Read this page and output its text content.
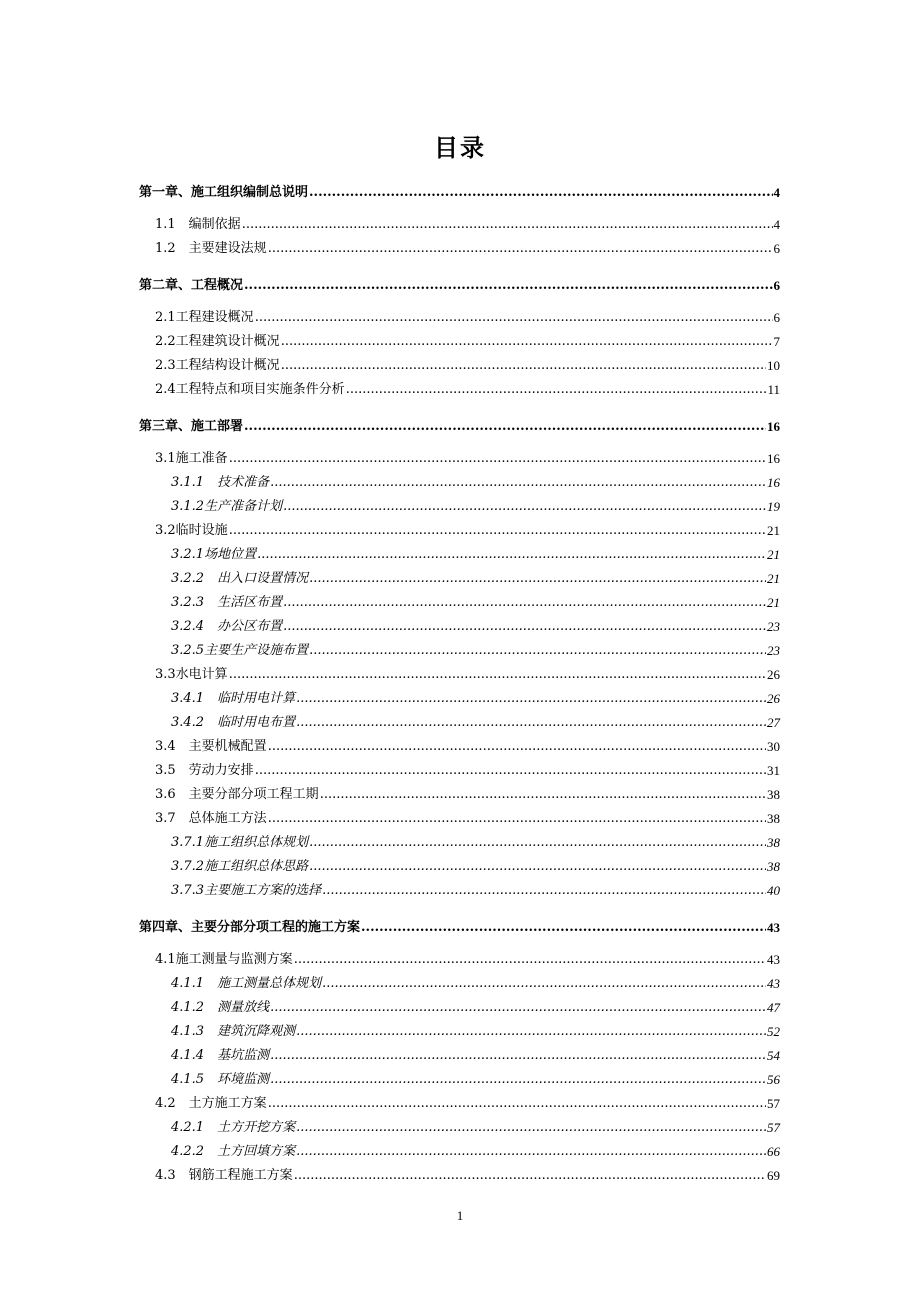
目录
第一章、施工组织编制总说明 .....	4
1.1　编制依据 .....	4
1.2　主要建设法规 .....	6
第二章、工程概况 .....	6
2.1工程建设概况 .....	6
2.2工程建筑设计概况 .....	7
2.3工程结构设计概况 .....	10
2.4工程特点和项目实施条件分析 .....	11
第三章、施工部署 .....	16
3.1施工准备 .....	16
3.1.1　技术准备 .....	16
3.1.2生产准备计划 .....	19
3.2临时设施 .....	21
3.2.1场地位置 .....	21
3.2.2　出入口设置情况 .....	21
3.2.3　生活区布置 .....	21
3.2.4　办公区布置 .....	23
3.2.5主要生产设施布置 .....	23
3.3水电计算 .....	26
3.4.1　临时用电计算 .....	26
3.4.2　临时用电布置 .....	27
3.4　主要机械配置 .....	30
3.5　劳动力安排 .....	31
3.6　主要分部分项工程工期 .....	38
3.7　总体施工方法 .....	38
3.7.1施工组织总体规划 .....	38
3.7.2施工组织总体思路 .....	38
3.7.3主要施工方案的选择 .....	40
第四章、主要分部分项工程的施工方案 .....	43
4.1施工测量与监测方案 .....	43
4.1.1　施工测量总体规划 .....	43
4.1.2　测量放线 .....	47
4.1.3　建筑沉降观测 .....	52
4.1.4　基坑监测 .....	54
4.1.5　环境监测 .....	56
4.2　土方施工方案 .....	57
4.2.1　土方开挖方案 .....	57
4.2.2　土方回填方案 .....	66
4.3　钢筋工程施工方案 .....	69
1
